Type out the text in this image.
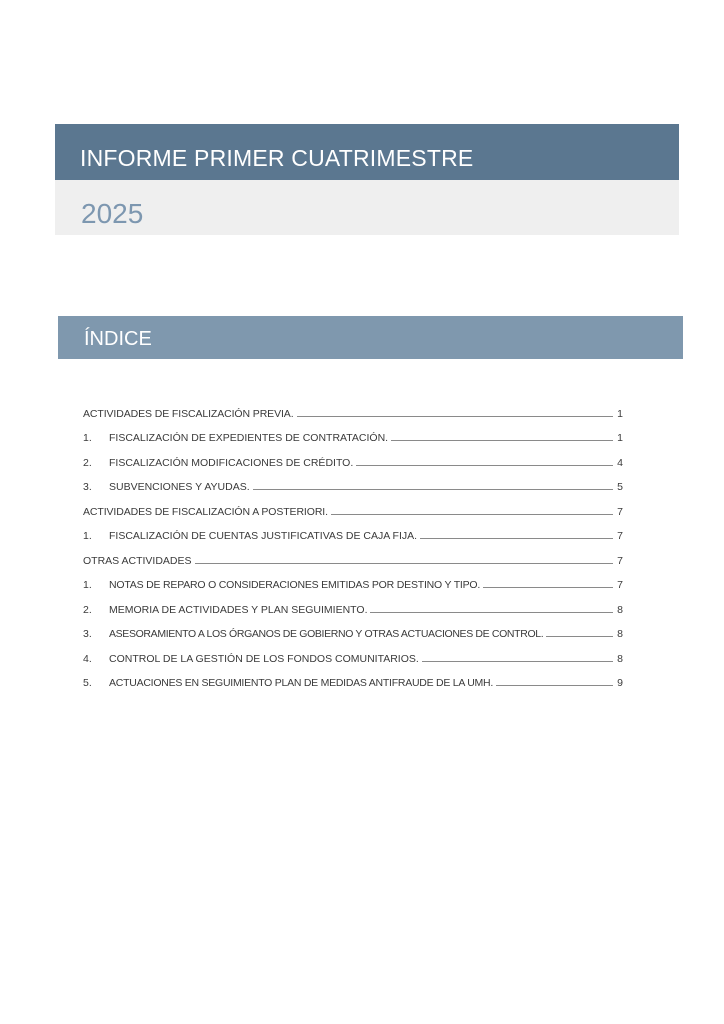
INFORME PRIMER CUATRIMESTRE
2025
ÍNDICE
ACTIVIDADES DE FISCALIZACIÓN PREVIA.	1
1.	FISCALIZACIÓN DE EXPEDIENTES DE CONTRATACIÓN.	1
2.	FISCALIZACIÓN MODIFICACIONES DE CRÉDITO.	4
3.	SUBVENCIONES Y AYUDAS.	5
ACTIVIDADES DE FISCALIZACIÓN A POSTERIORI.	7
1.	FISCALIZACIÓN DE CUENTAS JUSTIFICATIVAS DE CAJA FIJA.	7
OTRAS ACTIVIDADES	7
1.	NOTAS DE REPARO O CONSIDERACIONES EMITIDAS POR DESTINO Y TIPO.	7
2.	MEMORIA DE ACTIVIDADES Y PLAN SEGUIMIENTO.	8
3.	ASESORAMIENTO A LOS ÓRGANOS DE GOBIERNO Y OTRAS ACTUACIONES DE CONTROL.	8
4.	CONTROL DE LA GESTIÓN DE LOS FONDOS COMUNITARIOS.	8
5.	ACTUACIONES EN SEGUIMIENTO PLAN DE MEDIDAS ANTIFRAUDE DE LA UMH.	9
